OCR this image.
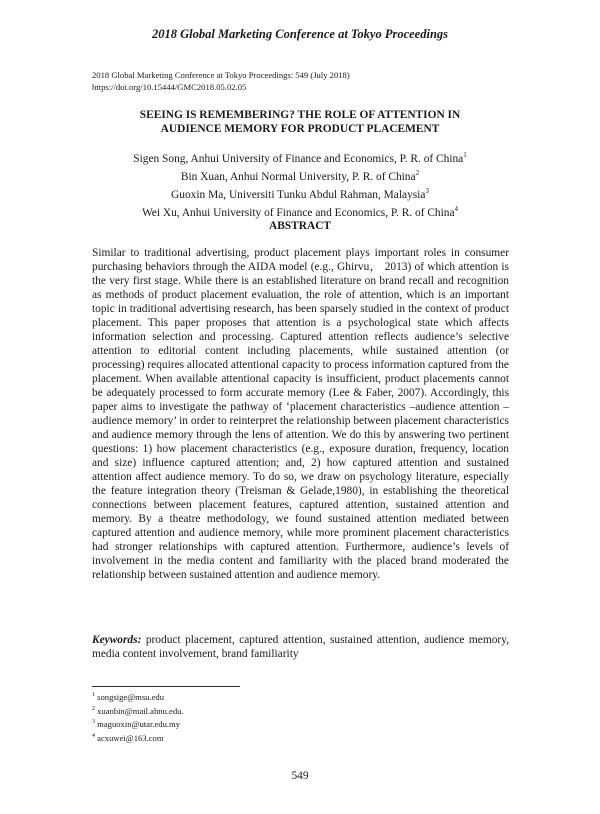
2018 Global Marketing Conference at Tokyo Proceedings
2018 Global Marketing Conference at Tokyo Proceedings: 549 (July 2018)
https://doi.org/10.15444/GMC2018.05.02.05
SEEING IS REMEMBERING? THE ROLE OF ATTENTION IN
AUDIENCE MEMORY FOR PRODUCT PLACEMENT
Sigen Song, Anhui University of Finance and Economics, P. R. of China$^1$
Bin Xuan, Anhui Normal University, P. R. of China$^2$
Guoxin Ma, Universiti Tunku Abdul Rahman, Malaysia$^3$
Wei Xu, Anhui University of Finance and Economics, P. R. of China$^4$
ABSTRACT

Similar to traditional advertising, product placement plays important roles in consumer purchasing behaviors through the AIDA model (e.g., Ghirvu， 2013) of which attention is the very first stage. While there is an established literature on brand recall and recognition as methods of product placement evaluation, the role of attention, which is an important topic in traditional advertising research, has been sparsely studied in the context of product placement. This paper proposes that attention is a psychological state which affects information selection and processing. Captured attention reflects audience’s selective attention to editorial content including placements, while sustained attention (or processing) requires allocated attentional capacity to process information captured from the placement. When available attentional capacity is insufficient, product placements cannot be adequately processed to form accurate memory (Lee & Faber, 2007). Accordingly, this paper aims to investigate the pathway of ‘placement characteristics –audience attention – audience memory’ in order to reinterpret the relationship between placement characteristics and audience memory through the lens of attention. We do this by answering two pertinent questions: 1) how placement characteristics (e.g., exposure duration, frequency, location and size) influence captured attention; and, 2) how captured attention and sustained attention affect audience memory. To do so, we draw on psychology literature, especially the feature integration theory (Treisman & Gelade,1980), in establishing the theoretical connections between placement features, captured attention, sustained attention and memory. By a theatre methodology, we found sustained attention mediated between captured attention and audience memory, while more prominent placement characteristics had stronger relationships with captured attention. Furthermore, audience’s levels of involvement in the media content and familiarity with the placed brand moderated the relationship between sustained attention and audience memory.

Keywords: product placement, captured attention, sustained attention, audience memory, media content involvement, brand familiarity

$^1$ songsige@msu.edu
$^2$ xuanbin@mail.ahnu.edu.
$^3$ maguoxin@utar.edu.my
$^4$ acxuwei@163.com
549
